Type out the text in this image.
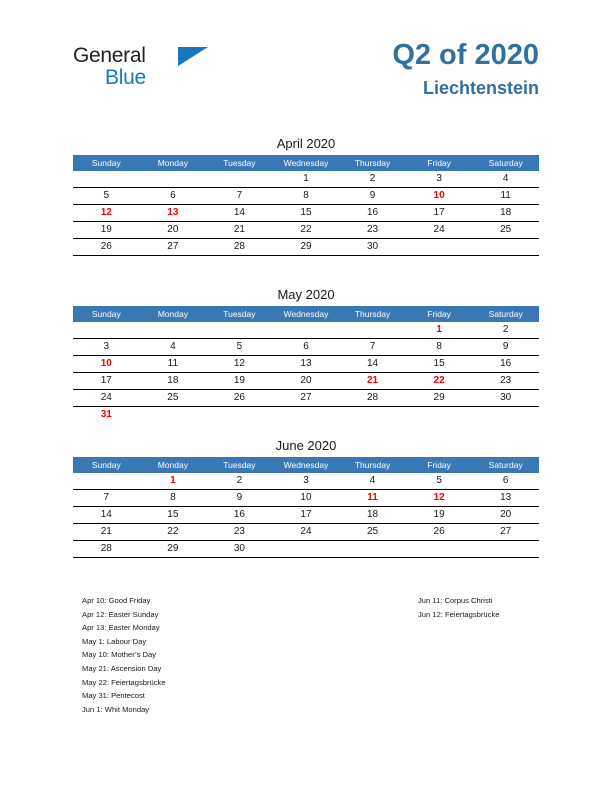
General
Blue
Q2 of 2020
Liechtenstein
April 2020
Sunday	Monday	Tuesday	Wednesday	Thursday	Friday	Saturday
			1	2	3	4
5	6	7	8	9	10	11
12	13	14	15	16	17	18
19	20	21	22	23	24	25
26	27	28	29	30		
May 2020
Sunday	Monday	Tuesday	Wednesday	Thursday	Friday	Saturday
					1	2
3	4	5	6	7	8	9
10	11	12	13	14	15	16
17	18	19	20	21	22	23
24	25	26	27	28	29	30
31						
June 2020
Sunday	Monday	Tuesday	Wednesday	Thursday	Friday	Saturday
	1	2	3	4	5	6
7	8	9	10	11	12	13
14	15	16	17	18	19	20
21	22	23	24	25	26	27
28	29	30				
Apr 10: Good Friday
Apr 12: Easter Sunday
Apr 13: Easter Monday
May 1: Labour Day
May 10: Mother’s Day
May 21: Ascension Day
May 22: Feiertagsbrücke
May 31: Pentecost
Jun 1: Whit Monday
Jun 11: Corpus Christi
Jun 12: Feiertagsbrücke
